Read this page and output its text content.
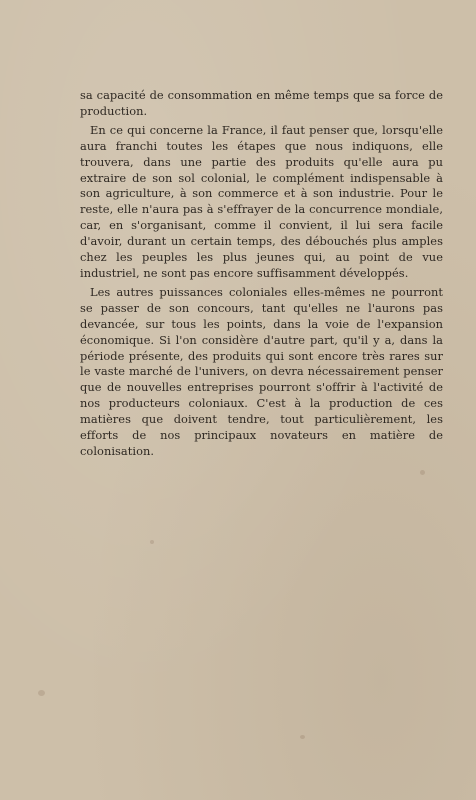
sa capacité de consommation en même temps que sa force de production.

En ce qui concerne la France, il faut penser que, lorsqu'elle aura franchi toutes les étapes que nous indiquons, elle trouvera, dans une partie des produits qu'elle aura pu extraire de son sol colonial, le complément indispensable à son agriculture, à son commerce et à son industrie. Pour le reste, elle n'aura pas à s'effrayer de la concurrence mondiale, car, en s'organisant, comme il convient, il lui sera facile d'avoir, durant un certain temps, des débouchés plus amples chez les peuples les plus jeunes qui, au point de vue industriel, ne sont pas encore suffisamment développés.

Les autres puissances coloniales elles-mêmes ne pourront se passer de son concours, tant qu'elles ne l'aurons pas devancée, sur tous les points, dans la voie de l'expansion économique. Si l'on considère d'autre part, qu'il y a, dans la période présente, des produits qui sont encore très rares sur le vaste marché de l'univers, on devra nécessairement penser que de nouvelles entreprises pourront s'offrir à l'activité de nos producteurs coloniaux. C'est à la production de ces matières que doivent tendre, tout particulièrement, les efforts de nos principaux novateurs en matière de colonisation.
